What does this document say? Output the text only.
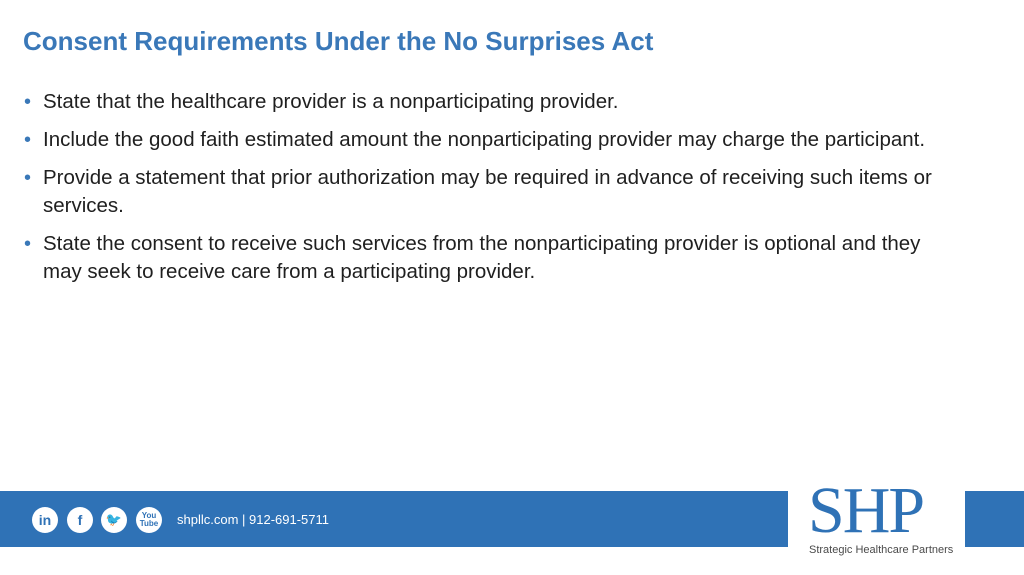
Consent Requirements Under the No Surprises Act
• State that the healthcare provider is a nonparticipating provider.
• Include the good faith estimated amount the nonparticipating provider may charge the participant.
• Provide a statement that prior authorization may be required in advance of receiving such items or services.
• State the consent to receive such services from the nonparticipating provider is optional and they may seek to receive care from a participating provider.
in f 🐦 You
Tube shpllc.com | 912-691-5711	SHP
Strategic Healthcare Partners
